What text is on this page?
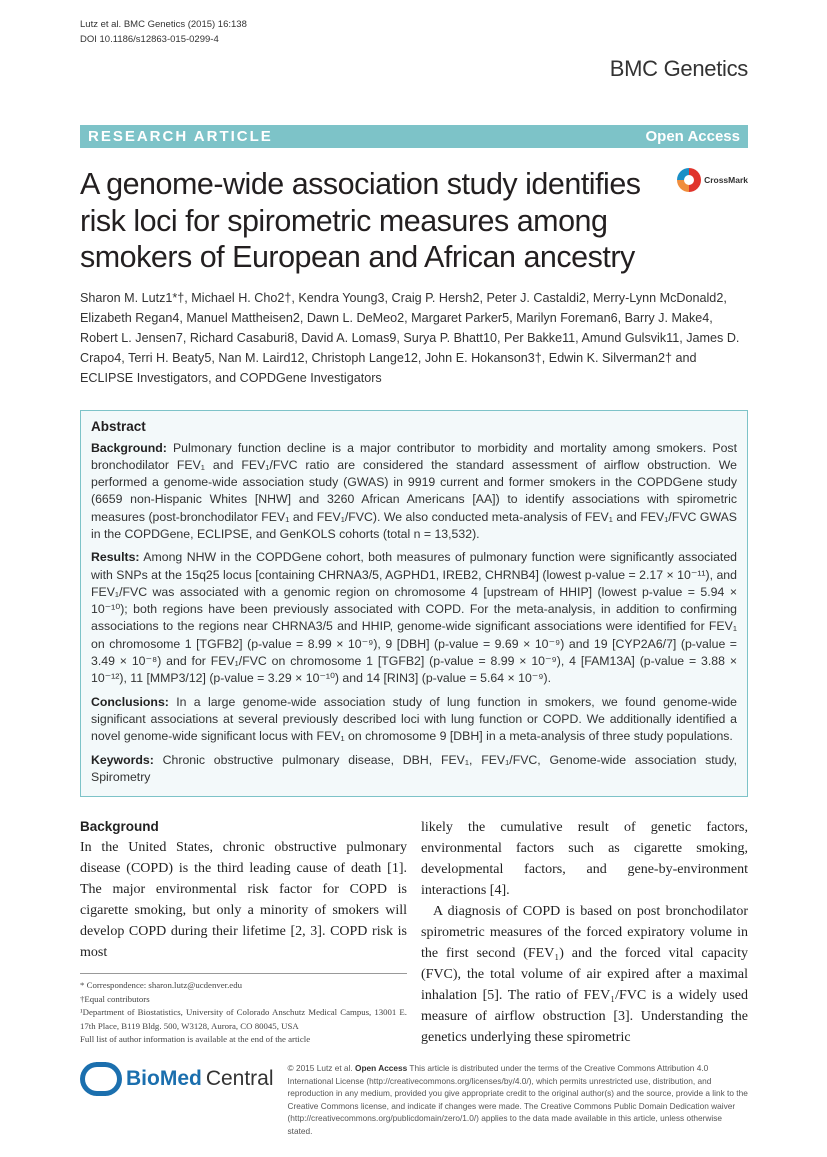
Lutz et al. BMC Genetics (2015) 16:138
DOI 10.1186/s12863-015-0299-4
BMC Genetics
RESEARCH ARTICLE	Open Access
A genome-wide association study identifies risk loci for spirometric measures among smokers of European and African ancestry
CrossMark
Sharon M. Lutz1*†, Michael H. Cho2†, Kendra Young3, Craig P. Hersh2, Peter J. Castaldi2, Merry-Lynn McDonald2, Elizabeth Regan4, Manuel Mattheisen2, Dawn L. DeMeo2, Margaret Parker5, Marilyn Foreman6, Barry J. Make4, Robert L. Jensen7, Richard Casaburi8, David A. Lomas9, Surya P. Bhatt10, Per Bakke11, Amund Gulsvik11, James D. Crapo4, Terri H. Beaty5, Nan M. Laird12, Christoph Lange12, John E. Hokanson3†, Edwin K. Silverman2† and ECLIPSE Investigators, and COPDGene Investigators
Abstract

Background: Pulmonary function decline is a major contributor to morbidity and mortality among smokers. Post bronchodilator FEV₁ and FEV₁/FVC ratio are considered the standard assessment of airflow obstruction. We performed a genome-wide association study (GWAS) in 9919 current and former smokers in the COPDGene study (6659 non-Hispanic Whites [NHW] and 3260 African Americans [AA]) to identify associations with spirometric measures (post-bronchodilator FEV₁ and FEV₁/FVC). We also conducted meta-analysis of FEV₁ and FEV₁/FVC GWAS in the COPDGene, ECLIPSE, and GenKOLS cohorts (total n = 13,532).

Results: Among NHW in the COPDGene cohort, both measures of pulmonary function were significantly associated with SNPs at the 15q25 locus [containing CHRNA3/5, AGPHD1, IREB2, CHRNB4] (lowest p-value = 2.17 × 10⁻¹¹), and FEV₁/FVC was associated with a genomic region on chromosome 4 [upstream of HHIP] (lowest p-value = 5.94 × 10⁻¹⁰); both regions have been previously associated with COPD. For the meta-analysis, in addition to confirming associations to the regions near CHRNA3/5 and HHIP, genome-wide significant associations were identified for FEV₁ on chromosome 1 [TGFB2] (p-value = 8.99 × 10⁻⁹), 9 [DBH] (p-value = 9.69 × 10⁻⁹) and 19 [CYP2A6/7] (p-value = 3.49 × 10⁻⁸) and for FEV₁/FVC on chromosome 1 [TGFB2] (p-value = 8.99 × 10⁻⁹), 4 [FAM13A] (p-value = 3.88 × 10⁻¹²), 11 [MMP3/12] (p-value = 3.29 × 10⁻¹⁰) and 14 [RIN3] (p-value = 5.64 × 10⁻⁹).

Conclusions: In a large genome-wide association study of lung function in smokers, we found genome-wide significant associations at several previously described loci with lung function or COPD. We additionally identified a novel genome-wide significant locus with FEV₁ on chromosome 9 [DBH] in a meta-analysis of three study populations.

Keywords: Chronic obstructive pulmonary disease, DBH, FEV₁, FEV₁/FVC, Genome-wide association study, Spirometry

Background

In the United States, chronic obstructive pulmonary disease (COPD) is the third leading cause of death [1]. The major environmental risk factor for COPD is cigarette smoking, but only a minority of smokers will develop COPD during their lifetime [2, 3]. COPD risk is most

* Correspondence: sharon.lutz@ucdenver.edu
†Equal contributors
¹Department of Biostatistics, University of Colorado Anschutz Medical Campus, 13001 E. 17th Place, B119 Bldg. 500, W3128, Aurora, CO 80045, USA
Full list of author information is available at the end of the article

likely the cumulative result of genetic factors, environmental factors such as cigarette smoking, developmental factors, and gene-by-environment interactions [4].

A diagnosis of COPD is based on post bronchodilator spirometric measures of the forced expiratory volume in the first second (FEV₁) and the forced vital capacity (FVC), the total volume of air expired after a maximal inhalation [5]. The ratio of FEV₁/FVC is a widely used measure of airflow obstruction [3]. Understanding the genetics underlying these spirometric

BioMed Central © 2015 Lutz et al. Open Access This article is distributed under the terms of the Creative Commons Attribution 4.0 International License (http://creativecommons.org/licenses/by/4.0/), which permits unrestricted use, distribution, and reproduction in any medium, provided you give appropriate credit to the original author(s) and the source, provide a link to the Creative Commons license, and indicate if changes were made. The Creative Commons Public Domain Dedication waiver (http://creativecommons.org/publicdomain/zero/1.0/) applies to the data made available in this article, unless otherwise stated.
